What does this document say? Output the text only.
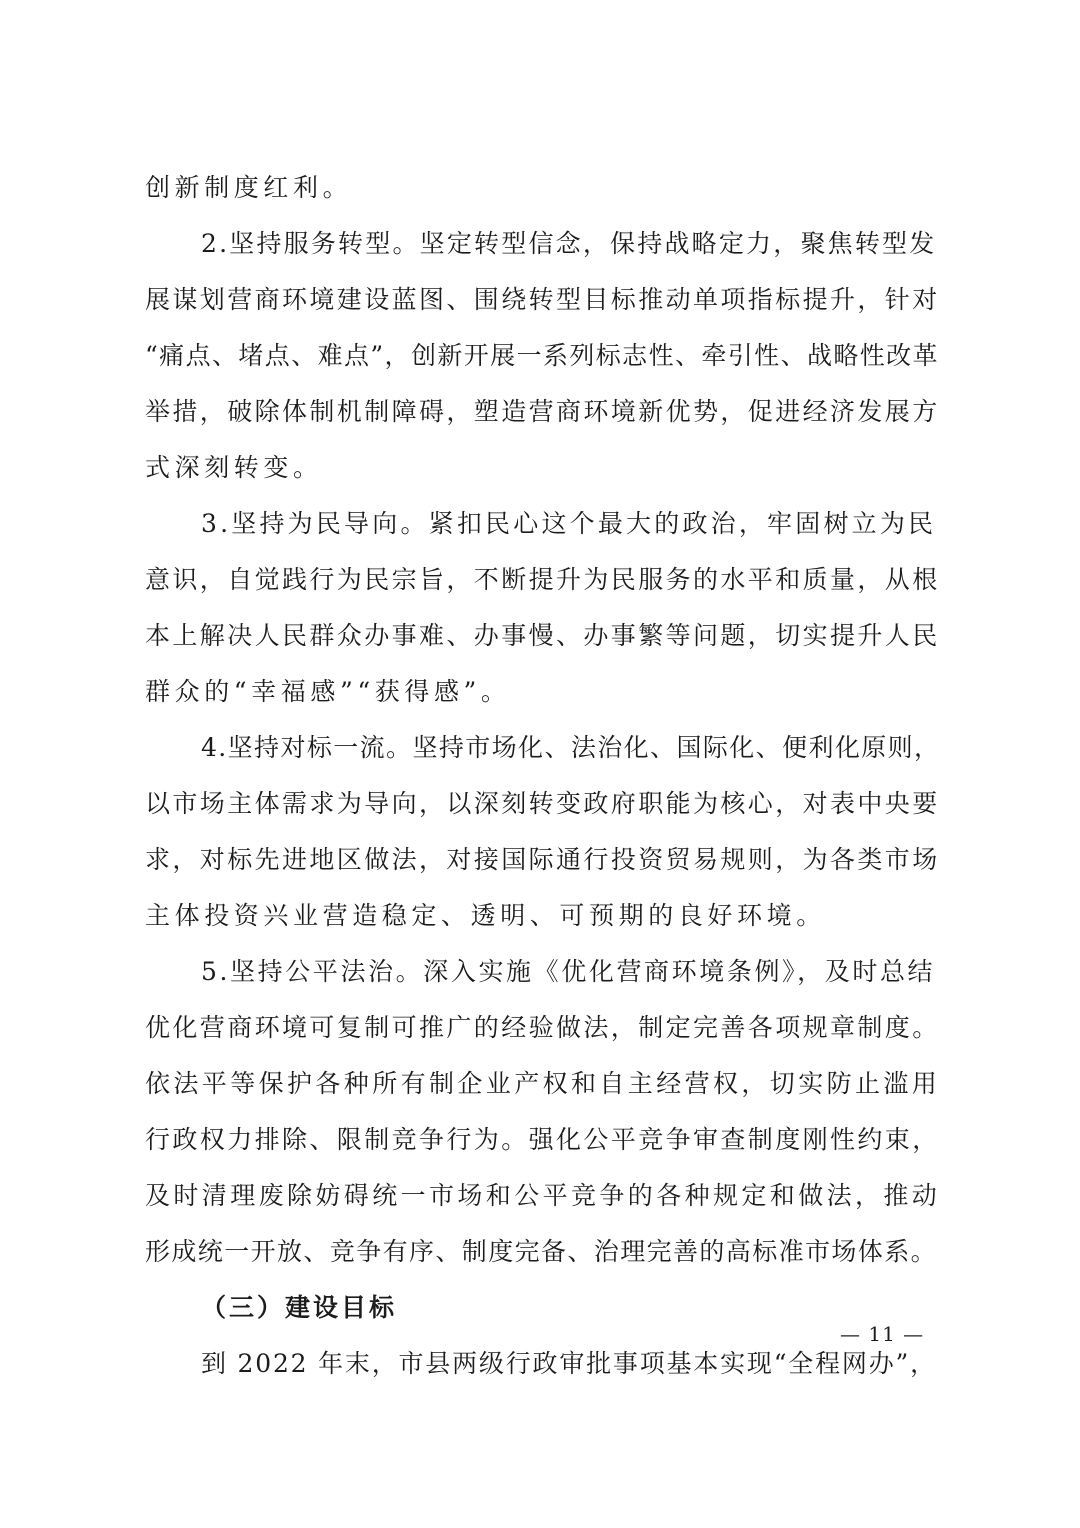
创新制度红利。
2.坚持服务转型。坚定转型信念，保持战略定力，聚焦转型发
展谋划营商环境建设蓝图、围绕转型目标推动单项指标提升，针对
“痛点、堵点、难点”，创新开展一系列标志性、牵引性、战略性改革
举措，破除体制机制障碍，塑造营商环境新优势，促进经济发展方
式深刻转变。
3.坚持为民导向。紧扣民心这个最大的政治，牢固树立为民
意识，自觉践行为民宗旨，不断提升为民服务的水平和质量，从根
本上解决人民群众办事难、办事慢、办事繁等问题，切实提升人民
群众的“幸福感”“获得感”。
4.坚持对标一流。坚持市场化、法治化、国际化、便利化原则，
以市场主体需求为导向，以深刻转变政府职能为核心，对表中央要
求，对标先进地区做法，对接国际通行投资贸易规则，为各类市场
主体投资兴业营造稳定、透明、可预期的良好环境。
5.坚持公平法治。深入实施《优化营商环境条例》，及时总结
优化营商环境可复制可推广的经验做法，制定完善各项规章制度。
依法平等保护各种所有制企业产权和自主经营权，切实防止滥用
行政权力排除、限制竞争行为。强化公平竞争审查制度刚性约束，
及时清理废除妨碍统一市场和公平竞争的各种规定和做法，推动
形成统一开放、竞争有序、制度完备、治理完善的高标准市场体系。
（三）建设目标
到 2022 年末，市县两级行政审批事项基本实现“全程网办”，
— 11 —
